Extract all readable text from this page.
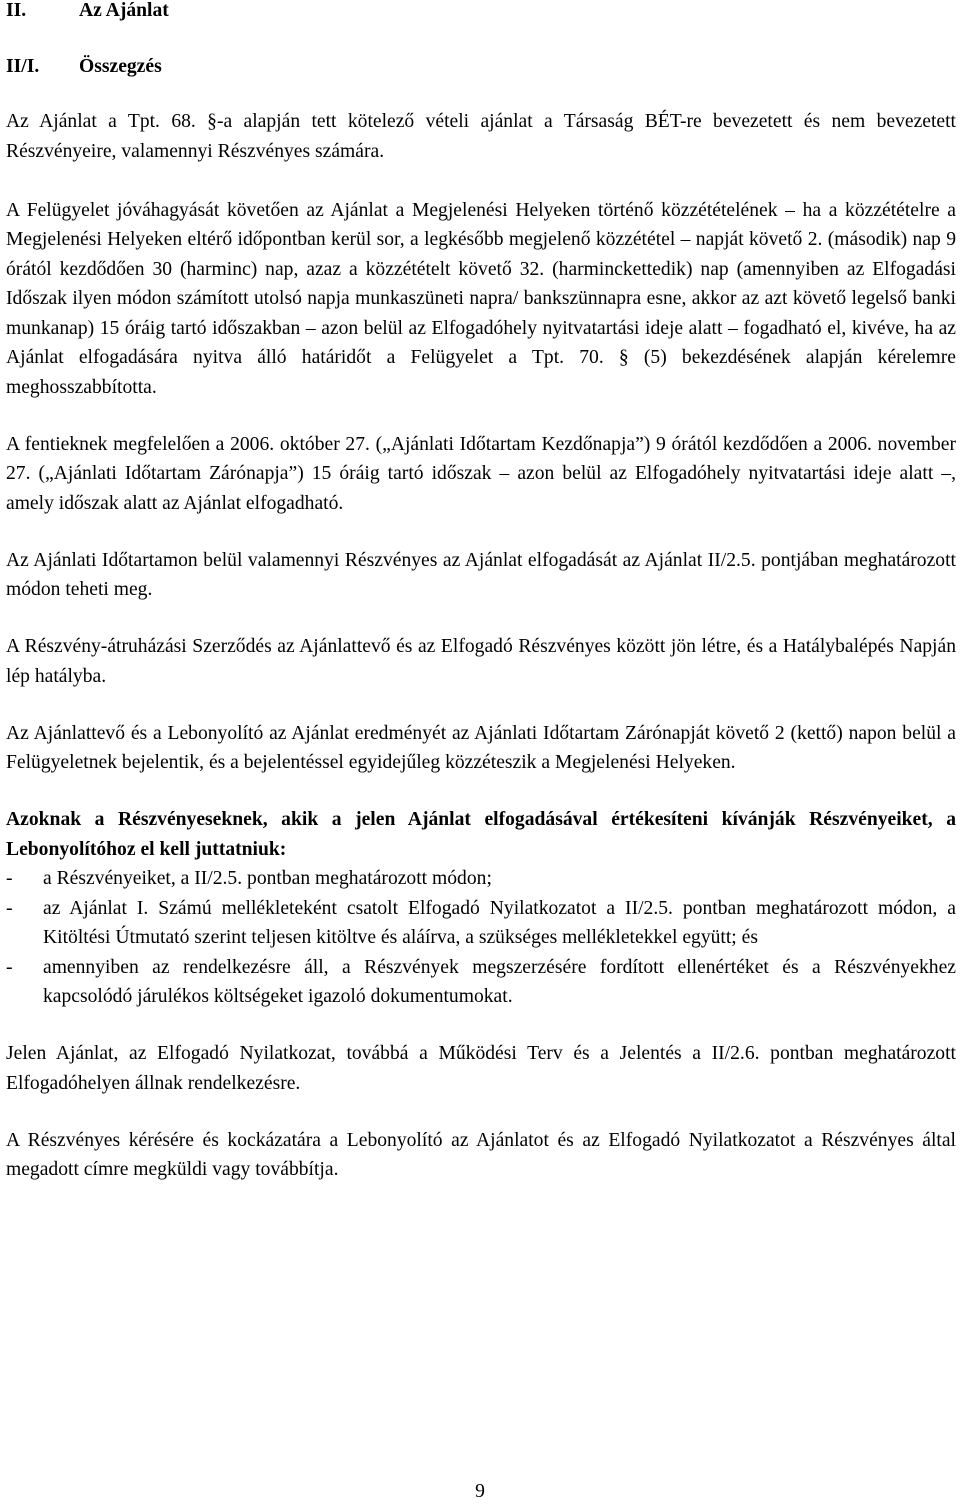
II.	Az Ajánlat
II/I.	Összegzés

Az Ajánlat a Tpt. 68. §-a alapján tett kötelező vételi ajánlat a Társaság BÉT-re bevezetett és nem bevezetett Részvényeire, valamennyi Részvényes számára.

A Felügyelet jóváhagyását követően az Ajánlat a Megjelenési Helyeken történő közzétételének – ha a közzétételre a Megjelenési Helyeken eltérő időpontban kerül sor, a legkésőbb megjelenő közzététel – napját követő 2. (második) nap 9 órától kezdődően 30 (harminc) nap, azaz a közzétételt követő 32. (harminckettedik) nap (amennyiben az Elfogadási Időszak ilyen módon számított utolsó napja munkaszüneti napra/ bankszünnapra esne, akkor az azt követő legelső banki munkanap) 15 óráig tartó időszakban – azon belül az Elfogadóhely nyitvatartási ideje alatt – fogadható el, kivéve, ha az Ajánlat elfogadására nyitva álló határidőt a Felügyelet a Tpt. 70. § (5) bekezdésének alapján kérelemre meghosszabbította.

A fentieknek megfelelően a 2006. október 27. („Ajánlati Időtartam Kezdőnapja”) 9 órától kezdődően a 2006. november 27. („Ajánlati Időtartam Zárónapja”) 15 óráig tartó időszak – azon belül az Elfogadóhely nyitvatartási ideje alatt –, amely időszak alatt az Ajánlat elfogadható.

Az Ajánlati Időtartamon belül valamennyi Részvényes az Ajánlat elfogadását az Ajánlat II/2.5. pontjában meghatározott módon teheti meg.

A Részvény-átruházási Szerződés az Ajánlattevő és az Elfogadó Részvényes között jön létre, és a Hatálybalépés Napján lép hatályba.

Az Ajánlattevő és a Lebonyolító az Ajánlat eredményét az Ajánlati Időtartam Zárónapját követő 2 (kettő) napon belül a Felügyeletnek bejelentik, és a bejelentéssel egyidejűleg közzéteszik a Megjelenési Helyeken.

Azoknak a Részvényeseknek, akik a jelen Ajánlat elfogadásával értékesíteni kívánják Részvényeiket, a Lebonyolítóhoz el kell juttatniuk:

-	a Részvényeiket, a II/2.5. pontban meghatározott módon;
-	az Ajánlat I. Számú mellékleteként csatolt Elfogadó Nyilatkozatot a II/2.5. pontban meghatározott módon, a Kitöltési Útmutató szerint teljesen kitöltve és aláírva, a szükséges mellékletekkel együtt; és
-	amennyiben az rendelkezésre áll, a Részvények megszerzésére fordított ellenértéket és a Részvényekhez kapcsolódó járulékos költségeket igazoló dokumentumokat.

Jelen Ajánlat, az Elfogadó Nyilatkozat, továbbá a Működési Terv és a Jelentés a II/2.6. pontban meghatározott Elfogadóhelyen állnak rendelkezésre.

A Részvényes kérésére és kockázatára a Lebonyolító az Ajánlatot és az Elfogadó Nyilatkozatot a Részvényes által megadott címre megküldi vagy továbbítja.

9
